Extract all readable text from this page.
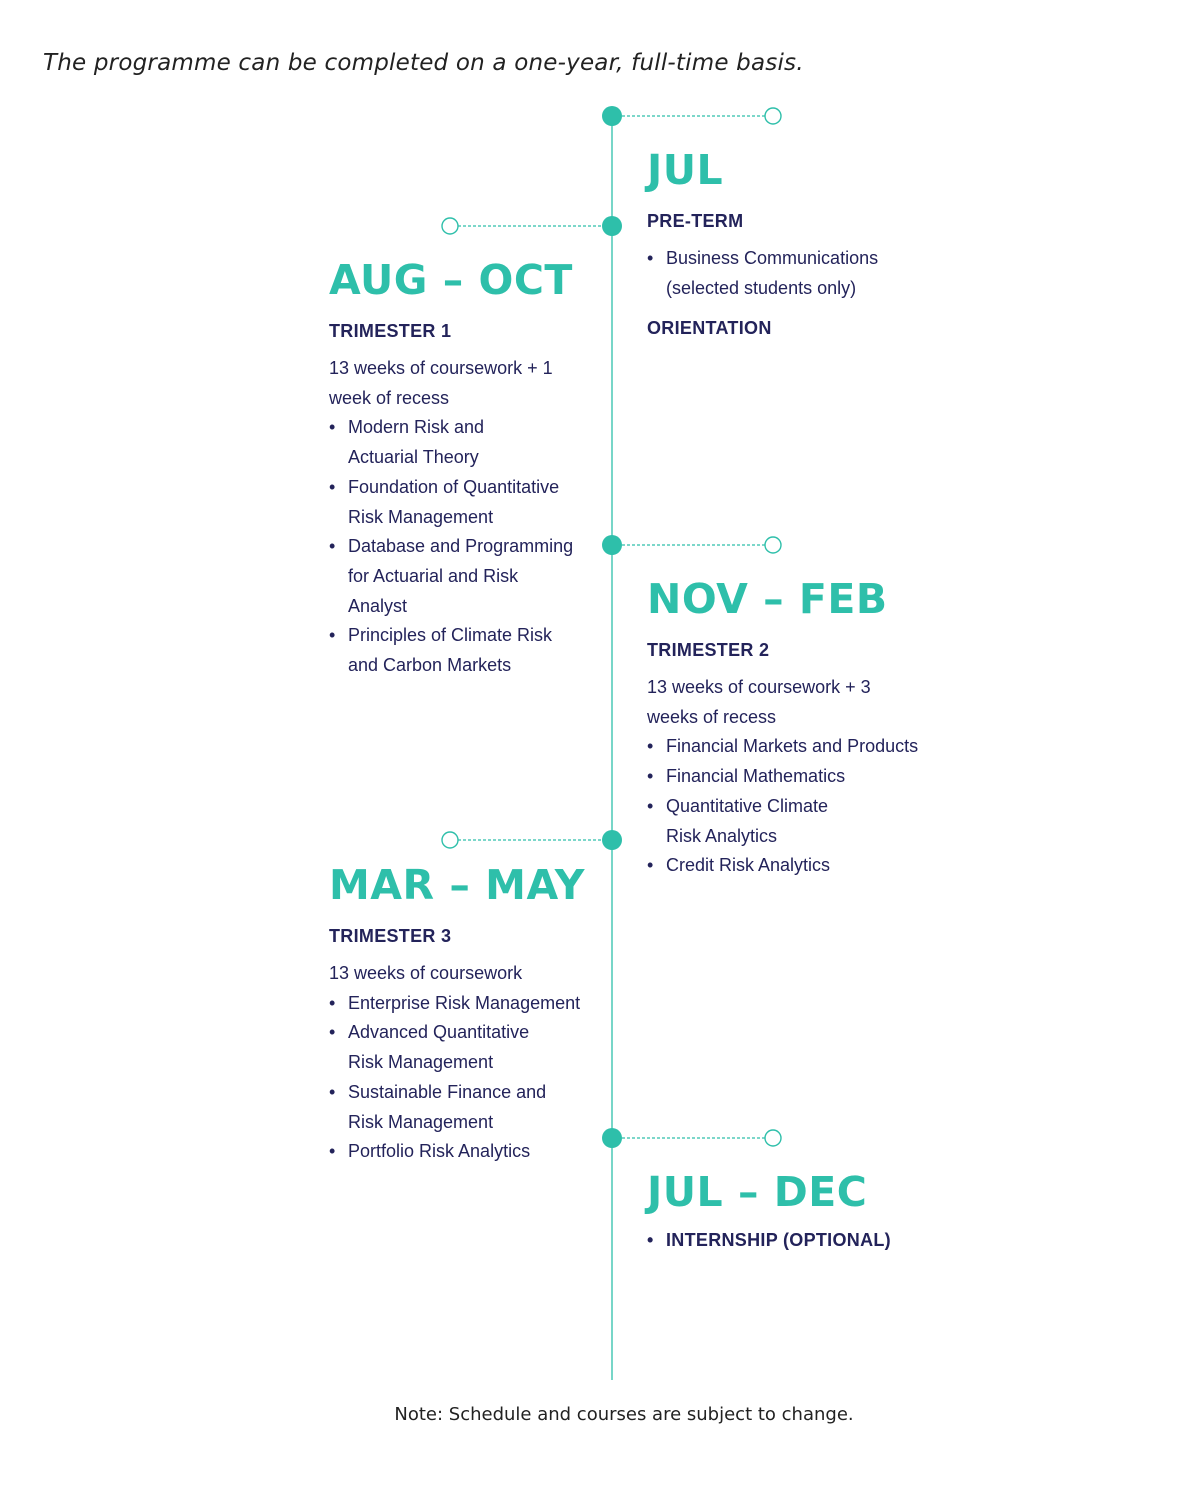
The programme can be completed on a one-year, full-time basis.

JUL
PRE-TERM
• Business Communications (selected students only)
ORIENTATION
AUG – OCT
TRIMESTER 1

13 weeks of coursework + 1 week of recess

• Modern Risk and Actuarial Theory
• Foundation of Quantitative Risk Management
• Database and Programming for Actuarial and Risk Analyst
• Principles of Climate Risk and Carbon Markets
NOV – FEB
TRIMESTER 2

13 weeks of coursework + 3 weeks of recess

• Financial Markets and Products
• Financial Mathematics
• Quantitative Climate Risk Analytics
• Credit Risk Analytics
MAR – MAY
TRIMESTER 3

13 weeks of coursework

• Enterprise Risk Management
• Advanced Quantitative Risk Management
• Sustainable Finance and Risk Management
• Portfolio Risk Analytics
JUL – DEC
• INTERNSHIP (OPTIONAL)

Note: Schedule and courses are subject to change.
